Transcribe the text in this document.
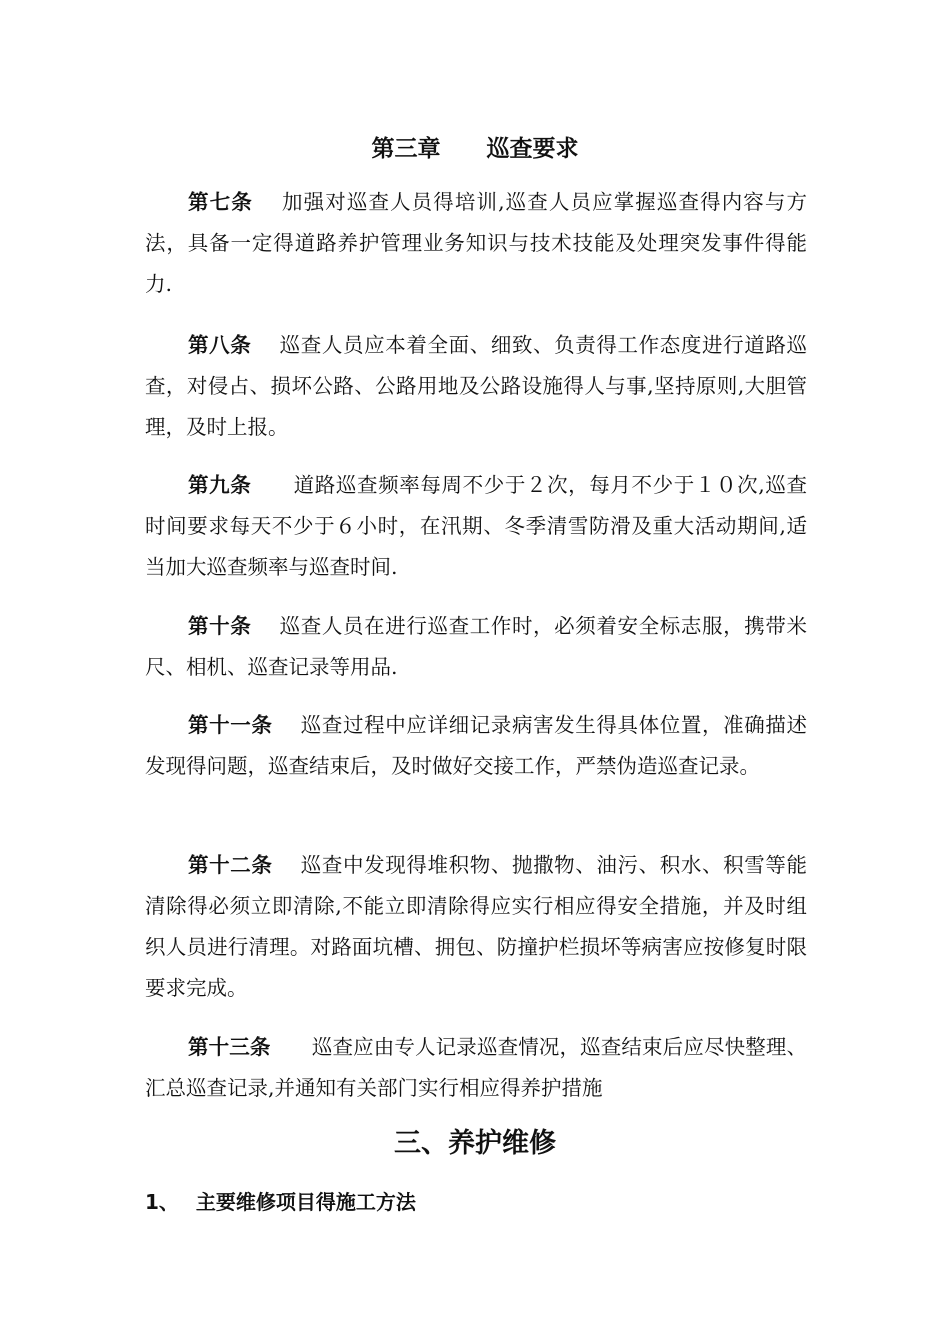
第三章　　巡查要求

第七条　 加强对巡查人员得培训,巡查人员应掌握巡查得内容与方法，具备一定得道路养护管理业务知识与技术技能及处理突发事件得能力.

第八条　 巡查人员应本着全面、细致、负责得工作态度进行道路巡查，对侵占、损坏公路、公路用地及公路设施得人与事,坚持原则,大胆管理，及时上报。

第九条　　 道路巡查频率每周不少于２次，每月不少于１０次,巡查时间要求每天不少于６小时，在汛期、冬季清雪防滑及重大活动期间,适当加大巡查频率与巡查时间.

第十条　 巡查人员在进行巡查工作时，必须着安全标志服，携带米尺、相机、巡查记录等用品.

第十一条　 巡查过程中应详细记录病害发生得具体位置，准确描述发现得问题，巡查结束后，及时做好交接工作，严禁伪造巡查记录。

第十二条　 巡查中发现得堆积物、抛撒物、油污、积水、积雪等能清除得必须立即清除,不能立即清除得应实行相应得安全措施，并及时组织人员进行清理。对路面坑槽、拥包、防撞护栏损坏等病害应按修复时限要求完成。

第十三条　　 巡查应由专人记录巡查情况，巡查结束后应尽快整理、汇总巡查记录,并通知有关部门实行相应得养护措施

三、养护维修
1、　 主要维修项目得施工方法
